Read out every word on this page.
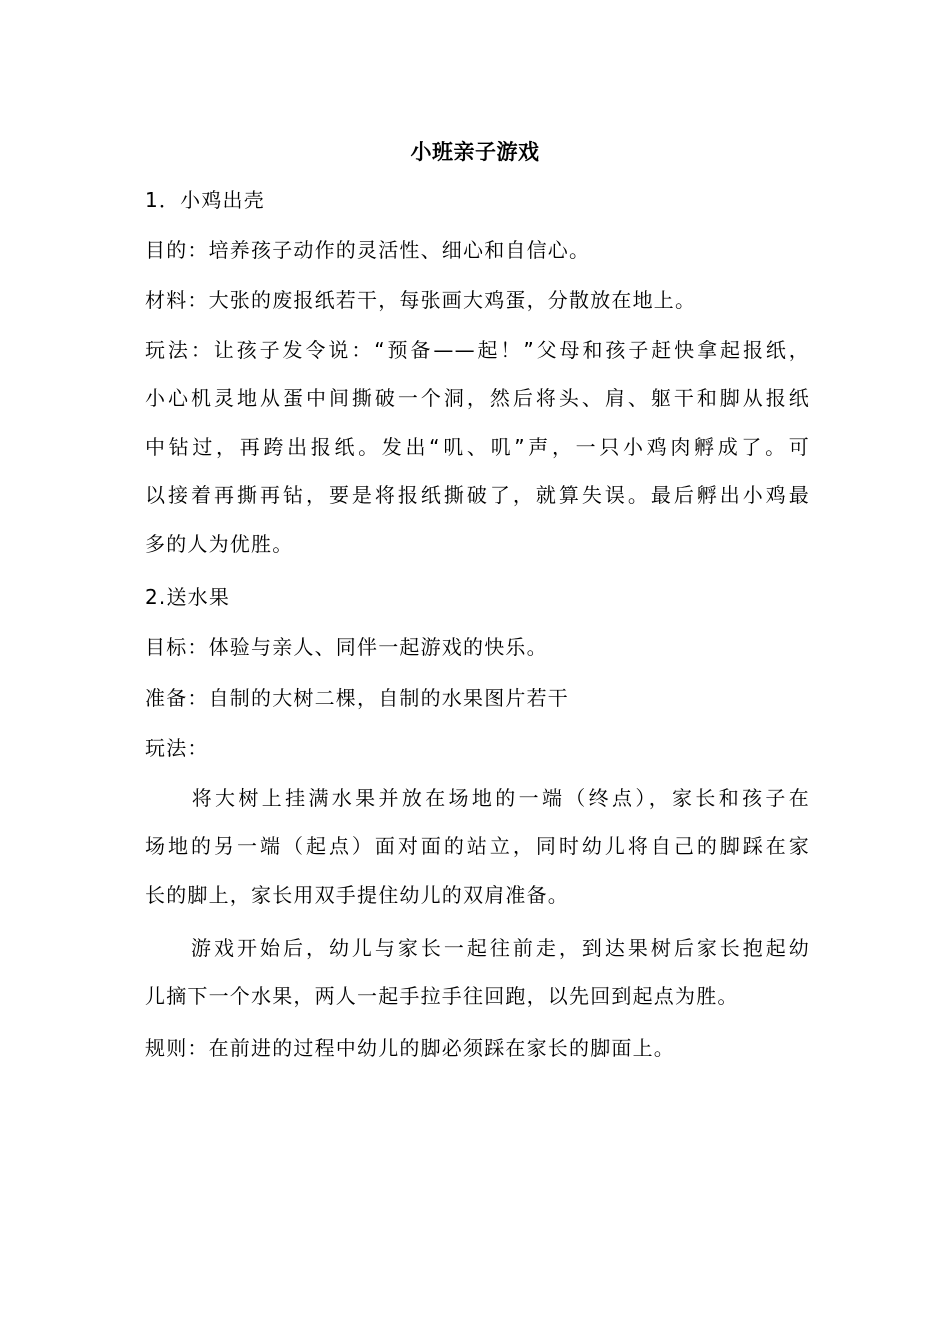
小班亲子游戏
1．小鸡出壳
目的：培养孩子动作的灵活性、细心和自信心。
材料：大张的废报纸若干，每张画大鸡蛋，分散放在地上。
玩法：让孩子发令说：“预备——起！”父母和孩子赶快拿起报纸，
小心机灵地从蛋中间撕破一个洞，然后将头、肩、躯干和脚从报纸
中钻过，再跨出报纸。发出“叽、叽”声，一只小鸡肉孵成了。可
以接着再撕再钻，要是将报纸撕破了，就算失误。最后孵出小鸡最
多的人为优胜。
2.送水果
目标：体验与亲人、同伴一起游戏的快乐。
准备：自制的大树二棵，自制的水果图片若干
玩法：
　　将大树上挂满水果并放在场地的一端（终点），家长和孩子在
场地的另一端（起点）面对面的站立，同时幼儿将自己的脚踩在家
长的脚上，家长用双手提住幼儿的双肩准备。
　　游戏开始后，幼儿与家长一起往前走，到达果树后家长抱起幼
儿摘下一个水果，两人一起手拉手往回跑，以先回到起点为胜。
规则：在前进的过程中幼儿的脚必须踩在家长的脚面上。
